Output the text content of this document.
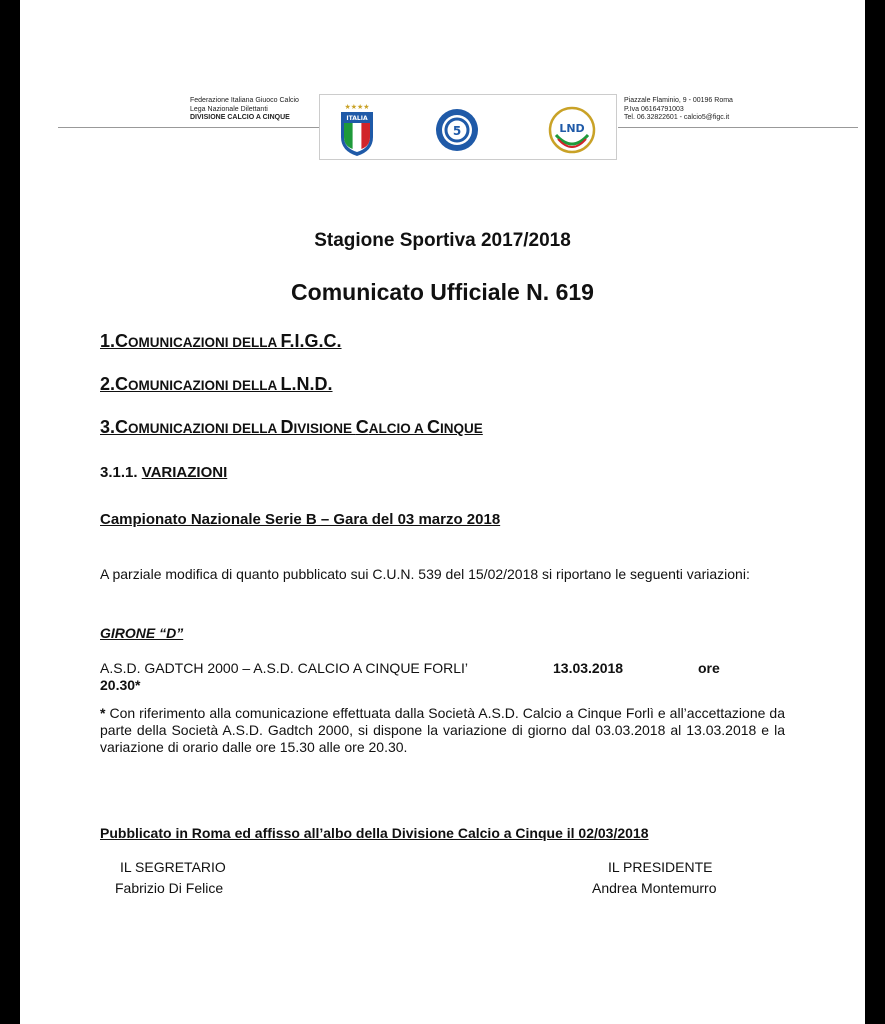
Federazione Italiana Giuoco Calcio
Lega Nazionale Dilettanti
DIVISIONE CALCIO A CINQUE
★★★★
ITALIA
5	LND
Piazzale Flaminio, 9 - 00196 Roma
P.Iva 06164791003
Tel. 06.32822601 - calcio5@figc.it
Stagione Sportiva 2017/2018
Comunicato Ufficiale N. 619
1.COMUNICAZIONI DELLA F.I.G.C.
2.COMUNICAZIONI DELLA L.N.D.
3.COMUNICAZIONI DELLA DIVISIONE CALCIO A CINQUE
3.1.1. VARIAZIONI
Campionato Nazionale Serie B – Gara del 03 marzo 2018
A parziale modifica di quanto pubblicato sui C.U.N. 539 del 15/02/2018 si riportano le seguenti variazioni:
GIRONE “D”
A.S.D. GADTCH 2000 – A.S.D. CALCIO A CINQUE FORLI’	13.03.2018	ore
20.30*
* Con riferimento alla comunicazione effettuata dalla Società A.S.D. Calcio a Cinque Forlì e all’accettazione da parte della Società A.S.D. Gadtch 2000, si dispone la variazione di giorno dal 03.03.2018 al 13.03.2018 e la variazione di orario dalle ore 15.30 alle ore 20.30.
Pubblicato in Roma ed affisso all’albo della Divisione Calcio a Cinque il 02/03/2018
IL SEGRETARIO
Fabrizio Di Felice
IL PRESIDENTE
Andrea Montemurro
